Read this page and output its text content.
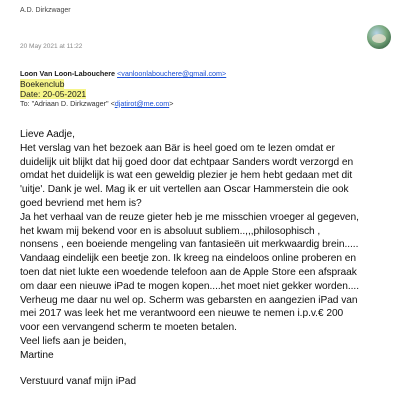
A.D. Dirkzwager
20 May 2021 at 11:22
Loon Van Loon-Labouchere <vanloonlabouchere@gmail.com>
Boekenclub
Date: 20-05-2021
To: "Adriaan D. Dirkzwager" <djatirot@me.com>

Lieve Aadje,

Het verslag van het bezoek aan Bär is heel goed om te lezen omdat er

duidelijk uit blijkt dat hij goed door dat echtpaar Sanders wordt verzorgd en

omdat het duidelijk is wat een geweldig plezier je hem hebt gedaan met dit

'uitje'. Dank je wel. Mag ik er uit vertellen aan Oscar Hammerstein die ook

goed bevriend met hem is?

Ja het verhaal van de reuze gieter heb je me misschien vroeger al gegeven,

het kwam mij bekend voor en is absoluut subliem..,,,philosophisch ,

nonsens , een boeiende mengeling van fantasieën uit merkwaardig brein.....

Vandaag eindelijk een beetje zon. Ik kreeg na eindeloos online proberen en

toen dat niet lukte een woedende telefoon aan de Apple Store een afspraak

om daar een nieuwe iPad te mogen kopen....het moet niet gekker worden....

Verheug me daar nu wel op. Scherm was gebarsten en aangezien iPad van

mei 2017 was leek het me verantwoord een nieuwe te nemen i.p.v.€ 200

voor een vervangend scherm te moeten betalen.

Veel liefs aan je beiden,

Martine

Verstuurd vanaf mijn iPad
